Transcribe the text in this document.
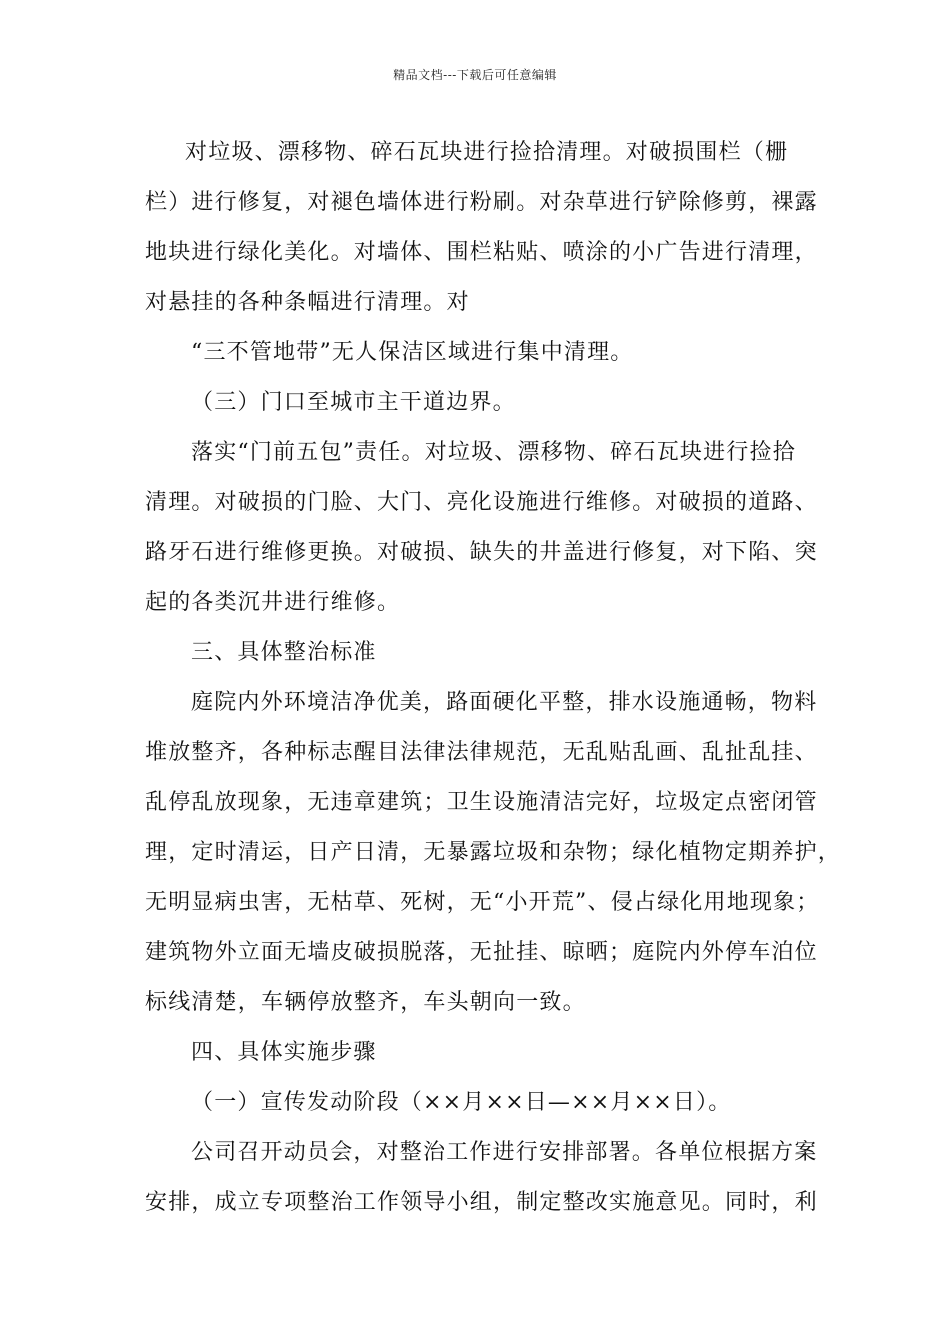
精品文档---下载后可任意编辑
对垃圾、漂移物、碎石瓦块进行捡拾清理。对破损围栏（栅
栏）进行修复，对褪色墙体进行粉刷。对杂草进行铲除修剪，裸露
地块进行绿化美化。对墙体、围栏粘贴、喷涂的小广告进行清理，
对悬挂的各种条幅进行清理。对
“三不管地带”无人保洁区域进行集中清理。
（三）门口至城市主干道边界。
落实“门前五包”责任。对垃圾、漂移物、碎石瓦块进行捡拾
清理。对破损的门脸、大门、亮化设施进行维修。对破损的道路、
路牙石进行维修更换。对破损、缺失的井盖进行修复，对下陷、突
起的各类沉井进行维修。
三、具体整治标准
庭院内外环境洁净优美，路面硬化平整，排水设施通畅，物料
堆放整齐，各种标志醒目法律法律规范，无乱贴乱画、乱扯乱挂、
乱停乱放现象，无违章建筑；卫生设施清洁完好，垃圾定点密闭管
理，定时清运，日产日清，无暴露垃圾和杂物；绿化植物定期养护，
无明显病虫害，无枯草、死树，无“小开荒”、侵占绿化用地现象；
建筑物外立面无墙皮破损脱落，无扯挂、晾晒；庭院内外停车泊位
标线清楚，车辆停放整齐，车头朝向一致。
四、具体实施步骤
（一）宣传发动阶段（××月××日—××月××日）。
公司召开动员会，对整治工作进行安排部署。各单位根据方案
安排，成立专项整治工作领导小组，制定整改实施意见。同时，利
